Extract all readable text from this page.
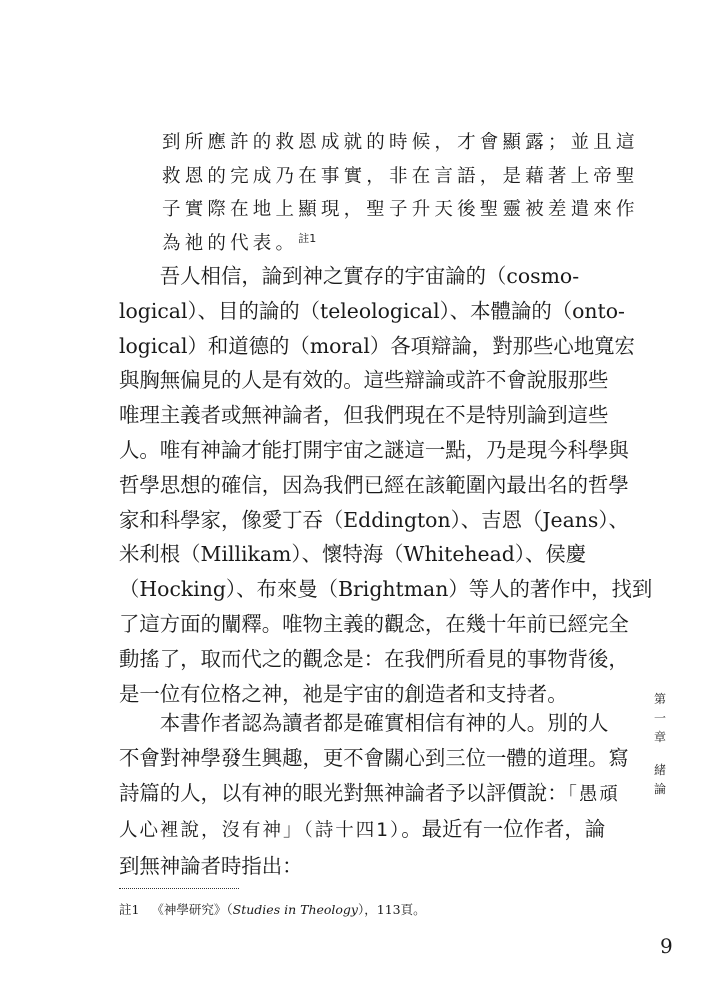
到所應許的救恩成就的時候，才會顯露；並且這
救恩的完成乃在事實，非在言語，是藉著上帝聖
子實際在地上顯現，聖子升天後聖靈被差遣來作
為祂的代表。$^{註1}$
　　吾人相信，論到神之實存的宇宙論的（cosmo-
logical）、目的論的（teleological）、本體論的（onto-
logical）和道德的（moral）各項辯論，對那些心地寬宏
與胸無偏見的人是有效的。這些辯論或許不會說服那些
唯理主義者或無神論者，但我們現在不是特別論到這些
人。唯有神論才能打開宇宙之謎這一點，乃是現今科學與
哲學思想的確信，因為我們已經在該範圍內最出名的哲學
家和科學家，像愛丁吞（Eddington）、吉恩（Jeans）、
米利根（Millikam）、懷特海（Whitehead）、侯慶
（Hocking）、布來曼（Brightman）等人的著作中，找到
了這方面的闡釋。唯物主義的觀念，在幾十年前已經完全
動搖了，取而代之的觀念是：在我們所看見的事物背後，
是一位有位格之神，祂是宇宙的創造者和支持者。
　　本書作者認為讀者都是確實相信有神的人。別的人
不會對神學發生興趣，更不會關心到三位一體的道理。寫
詩篇的人，以有神的眼光對無神論者予以評價說：「愚頑
人心裡說，沒有神」（詩十四1）。最近有一位作者，論
到無神論者時指出：
註1 《神學研究》（Studies in Theology），113頁。
第
一
章
緒
論
9
